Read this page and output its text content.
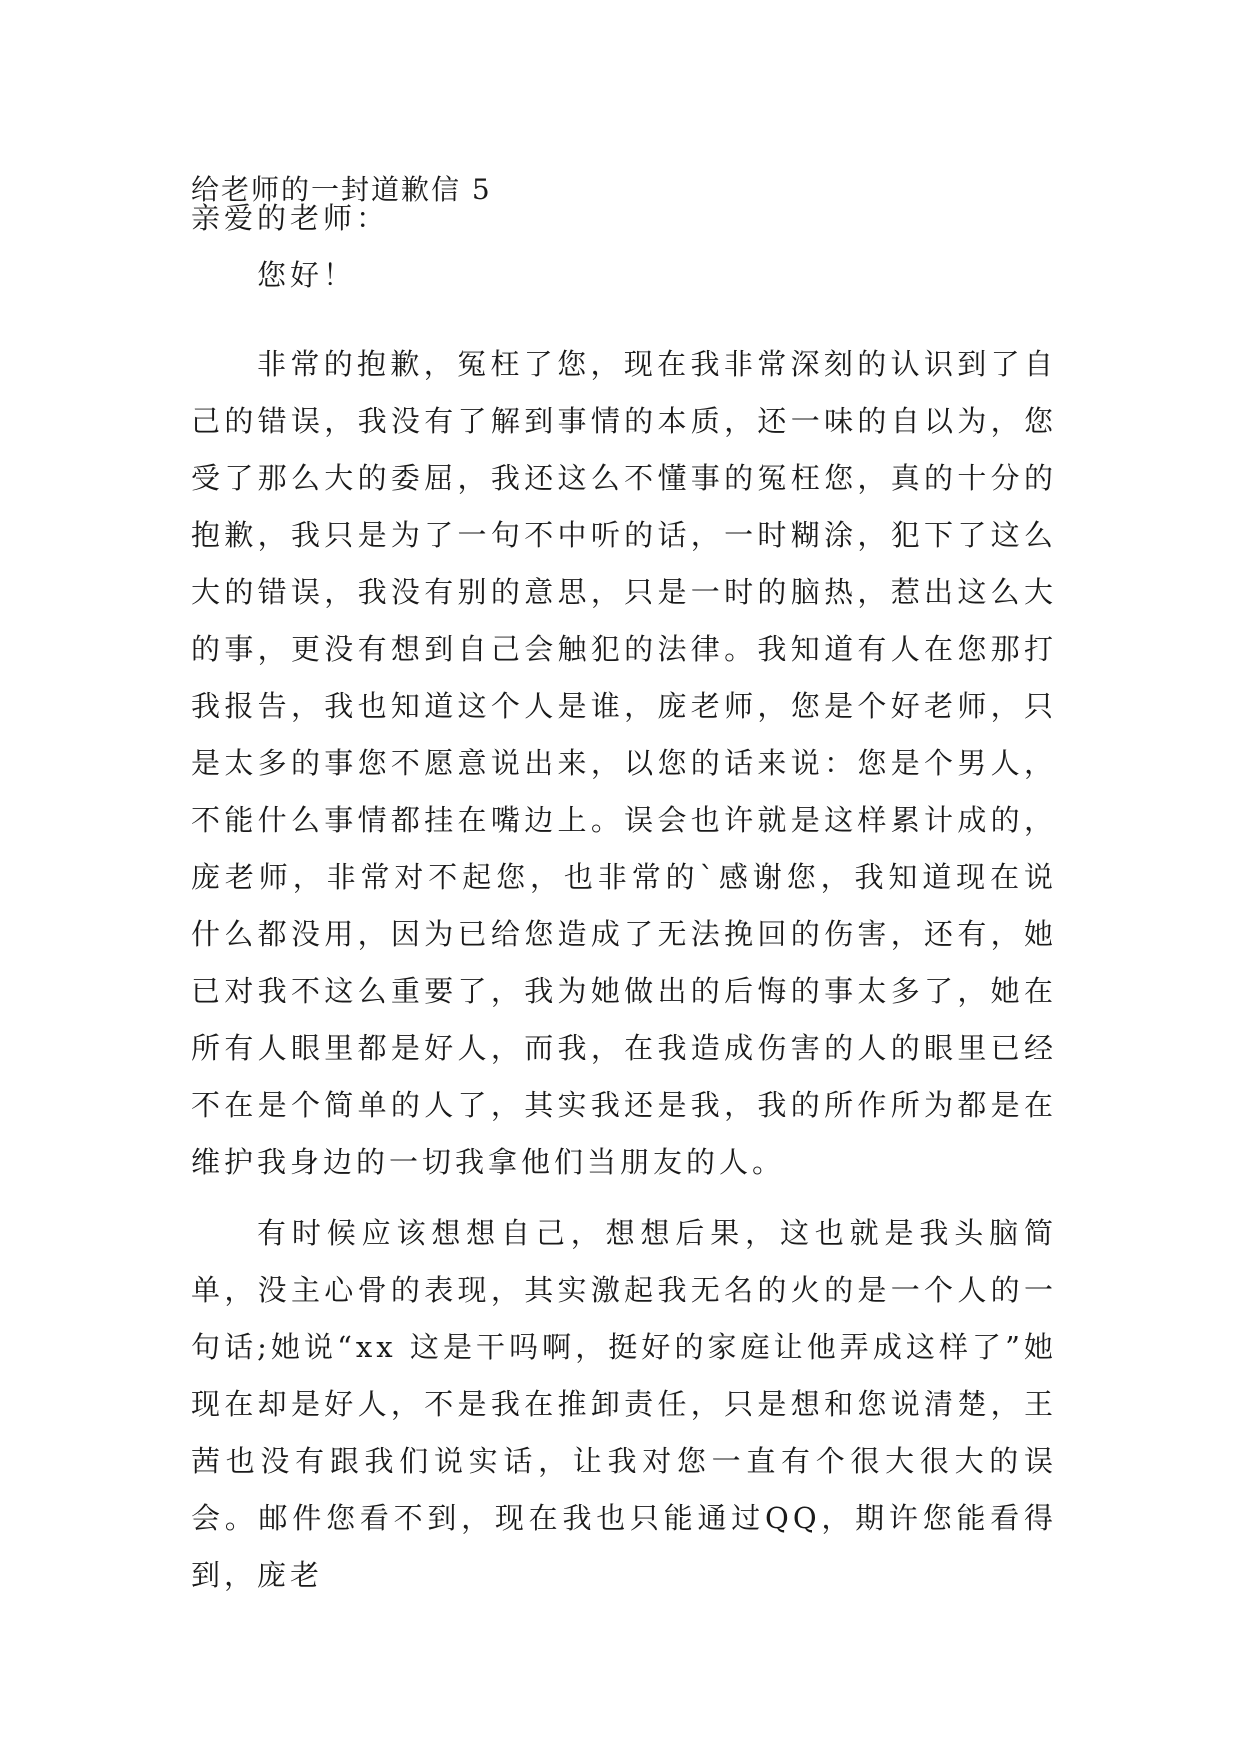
给老师的一封道歉信 5

亲爱的老师：

您好！

非常的抱歉，冤枉了您，现在我非常深刻的认识到了自己的错误，我没有了解到事情的本质，还一味的自以为，您受了那么大的委屈，我还这么不懂事的冤枉您，真的十分的抱歉，我只是为了一句不中听的话，一时糊涂，犯下了这么大的错误，我没有别的意思，只是一时的脑热，惹出这么大的事，更没有想到自己会触犯的法律。我知道有人在您那打我报告，我也知道这个人是谁，庞老师，您是个好老师，只是太多的事您不愿意说出来，以您的话来说：您是个男人，不能什么事情都挂在嘴边上。误会也许就是这样累计成的，庞老师，非常对不起您，也非常的`感谢您，我知道现在说什么都没用，因为已给您造成了无法挽回的伤害，还有，她已对我不这么重要了，我为她做出的后悔的事太多了，她在所有人眼里都是好人，而我，在我造成伤害的人的眼里已经不在是个简单的人了，其实我还是我，我的所作所为都是在维护我身边的一切我拿他们当朋友的人。

有时候应该想想自己，想想后果，这也就是我头脑简单，没主心骨的表现，其实激起我无名的火的是一个人的一句话;她说“xx 这是干吗啊，挺好的家庭让他弄成这样了”她现在却是好人，不是我在推卸责任，只是想和您说清楚，王茜也没有跟我们说实话，让我对您一直有个很大很大的误会。邮件您看不到，现在我也只能通过QQ，期许您能看得到，庞老
